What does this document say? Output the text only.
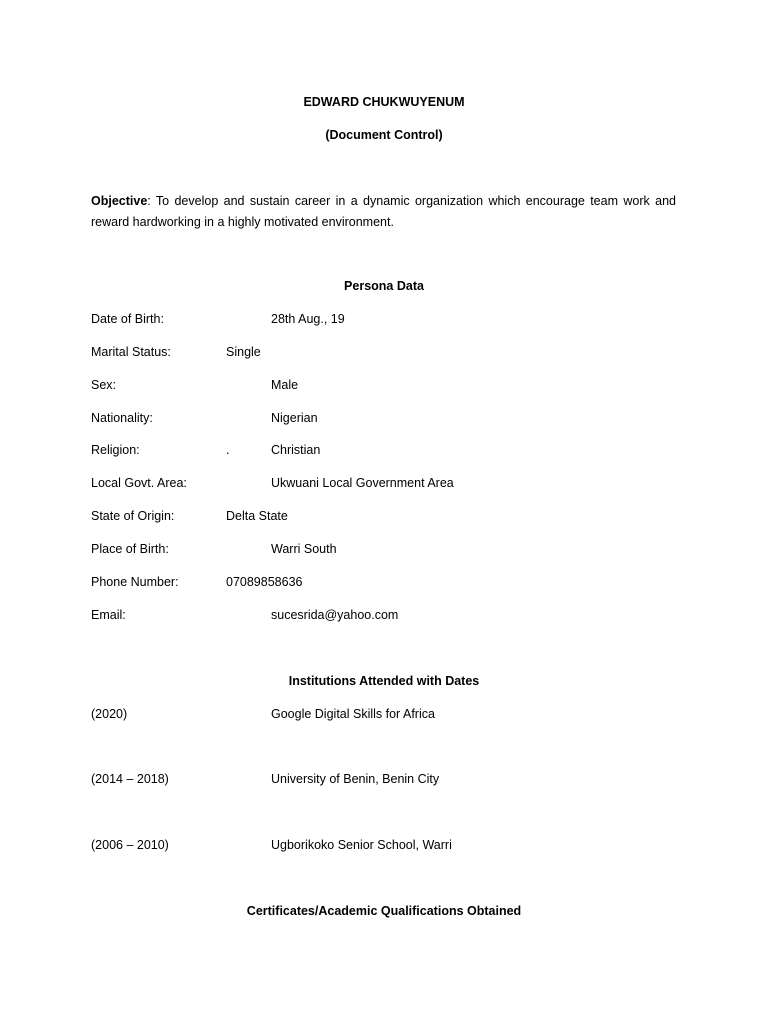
EDWARD CHUKWUYENUM
(Document Control)
Objective: To develop and sustain career in a dynamic organization which encourage team work and reward hardworking in a highly motivated environment.
Persona Data
Date of Birth:	28th Aug., 19
Marital Status:	Single
Sex:	Male
Nationality:	Nigerian
Religion:	.	Christian
Local Govt. Area:	Ukwuani Local Government Area
State of Origin:	Delta State
Place of Birth:	Warri South
Phone Number:	07089858636
Email:	sucesrida@yahoo.com
Institutions Attended with Dates
(2020)	Google Digital Skills for Africa
(2014 – 2018)	University of Benin, Benin City
(2006 – 2010)	Ugborikoko Senior School, Warri
Certificates/Academic Qualifications Obtained
